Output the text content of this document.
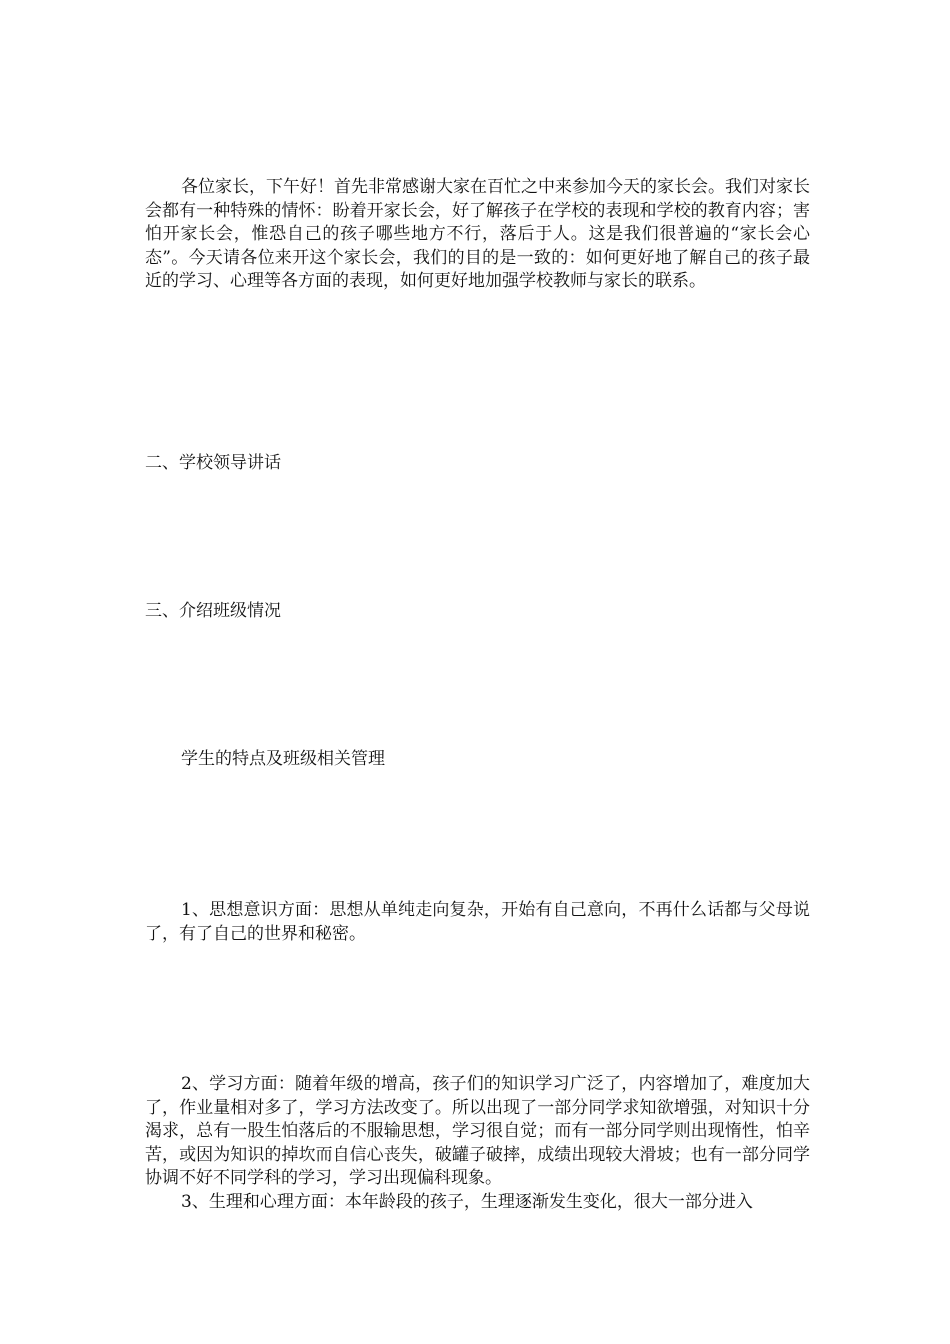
各位家长，下午好！首先非常感谢大家在百忙之中来参加今天的家长会。我们对家长会都有一种特殊的情怀：盼着开家长会，好了解孩子在学校的表现和学校的教育内容；害怕开家长会，惟恐自己的孩子哪些地方不行，落后于人。这是我们很普遍的“家长会心态”。今天请各位来开这个家长会，我们的目的是一致的：如何更好地了解自己的孩子最近的学习、心理等各方面的表现，如何更好地加强学校教师与家长的联系。

二、学校领导讲话

三、介绍班级情况

学生的特点及班级相关管理

1、思想意识方面：思想从单纯走向复杂，开始有自己意向，不再什么话都与父母说了，有了自己的世界和秘密。

2、学习方面：随着年级的增高，孩子们的知识学习广泛了，内容增加了，难度加大了，作业量相对多了，学习方法改变了。所以出现了一部分同学求知欲增强，对知识十分渴求，总有一股生怕落后的不服输思想，学习很自觉；而有一部分同学则出现惰性，怕辛苦，或因为知识的掉坎而自信心丧失，破罐子破摔，成绩出现较大滑坡；也有一部分同学协调不好不同学科的学习，学习出现偏科现象。

3、生理和心理方面：本年龄段的孩子，生理逐渐发生变化，很大一部分进入
